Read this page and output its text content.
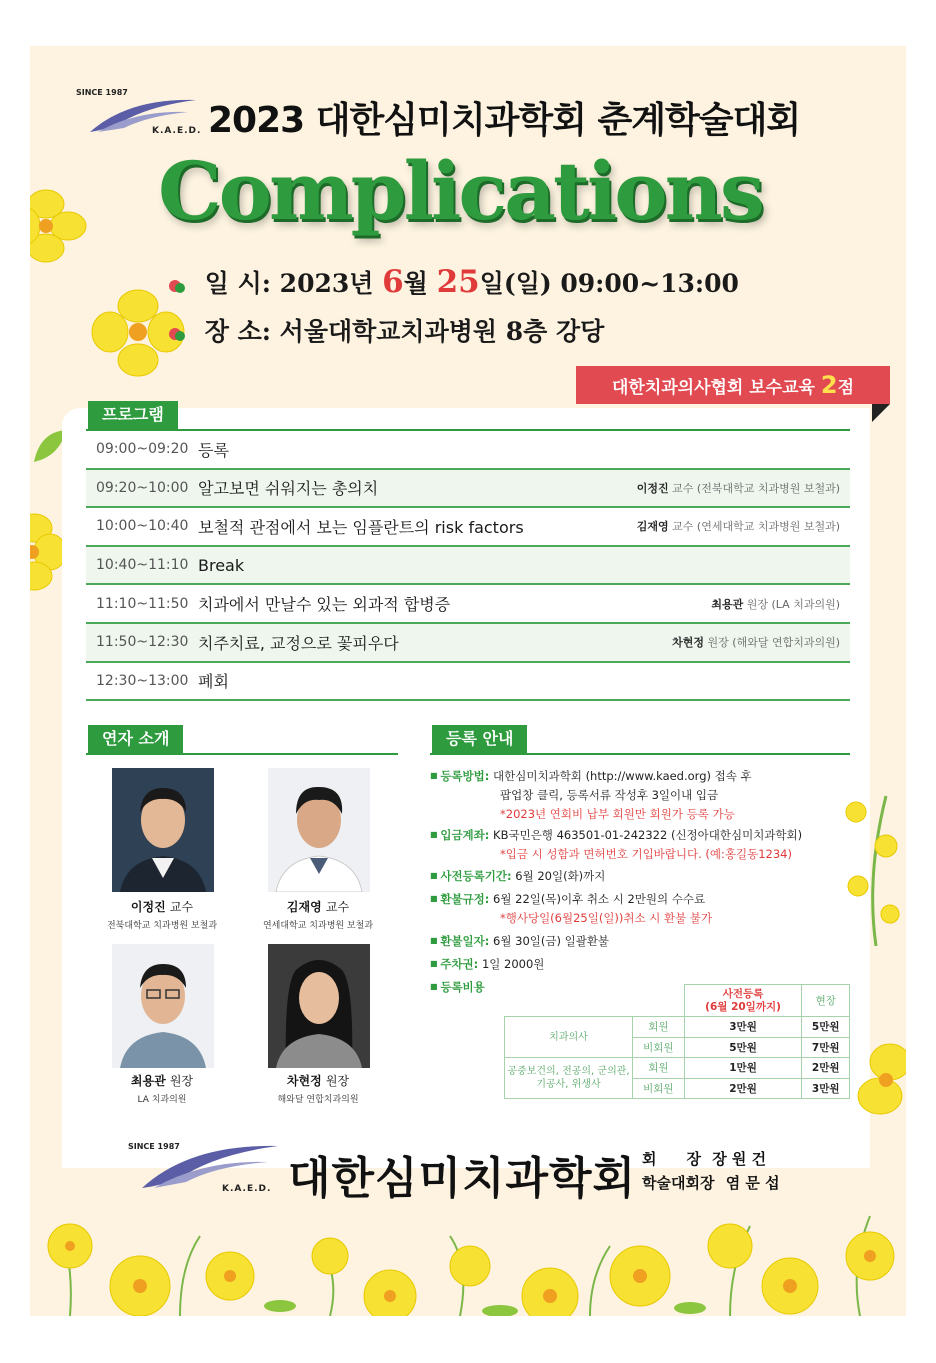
SINCE 1987
K.A.E.D. 2023 대한심미치과학회 춘계학술대회
Complications
일 시: 2023년 6월 25일(일) 09:00~13:00
장 소: 서울대학교치과병원 8층 강당
대한치과의사협회 보수교육 2점
프로그램
09:00~09:20 등록
09:20~10:00 알고보면 쉬워지는 총의치	이정진 교수 (전북대학교 치과병원 보철과)
10:00~10:40 보철적 관점에서 보는 임플란트의 risk factors	김재영 교수 (연세대학교 치과병원 보철과)
10:40~11:10 Break
11:10~11:50 치과에서 만날수 있는 외과적 합병증	최용관 원장 (LA 치과의원)
11:50~12:30 치주치료, 교정으로 꽃피우다	차현정 원장 (해와달 연합치과의원)
12:30~13:00 폐회
연자 소개
이정진 교수
전북대학교 치과병원 보철과
김재영 교수
연세대학교 치과병원 보철과
최용관 원장
LA 치과의원
차현정 원장
해와달 연합치과의원
등록 안내
■ 등록방법: 대한심미치과학회 (http://www.kaed.org) 접속 후
팝업창 클릭, 등록서류 작성후 3일이내 입금
*2023년 연회비 납부 회원만 회원가 등록 가능
■ 입금계좌: KB국민은행 463501-01-242322 (신정아대한심미치과학회)
*입금 시 성함과 면허번호 기입바랍니다. (예:홍길동1234)
■ 사전등록기간: 6월 20일(화)까지
■ 환불규정: 6월 22일(목)이후 취소 시 2만원의 수수료
*행사당일(6월25일(일))취소 시 환불 불가
■ 환불일자: 6월 30일(금) 일괄환불
■ 주차권: 1일 2000원
■ 등록비용
		사전등록
(6월 20일까지)	현장
치과의사	회원	3만원	5만원
	비회원	5만원	7만원
공중보건의, 전공의, 군의관, 기공사, 위생사	회원	1만원	2만원
	비회원	2만원	3만원
SINCE 1987
K.A.E.D. 대한심미치과학회 회　　장 장 원 건
학술대회장 염 문 섭
